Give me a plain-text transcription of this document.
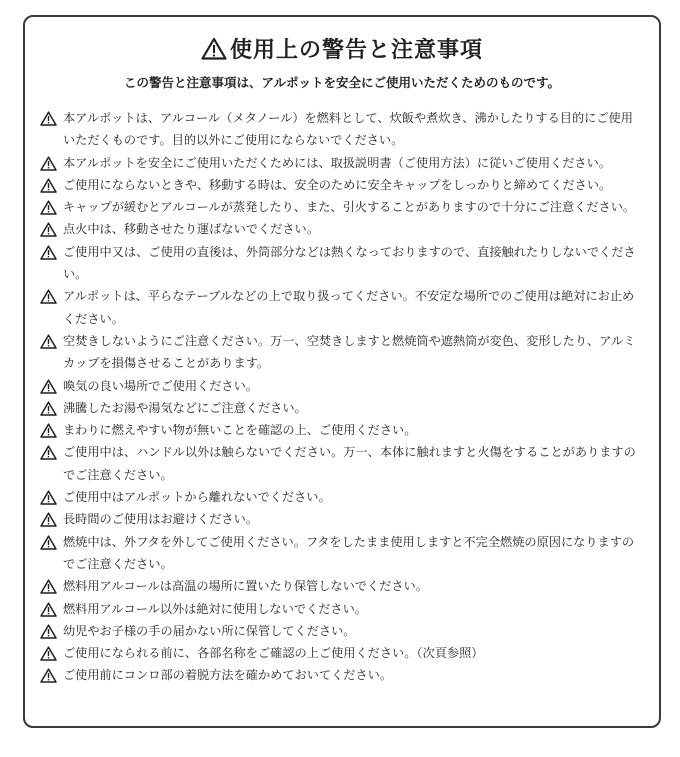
使用上の警告と注意事項
この警告と注意事項は、アルポットを安全にご使用いただくためのものです。
本アルポットは、アルコール（メタノール）を燃料として、炊飯や煮炊き、沸かしたりする目的にご使用いただくものです。目的以外にご使用にならないでください。
本アルポットを安全にご使用いただくためには、取扱説明書（ご使用方法）に従いご使用ください。
ご使用にならないときや、移動する時は、安全のために安全キャップをしっかりと締めてください。
キャップが緩むとアルコールが蒸発したり、また、引火することがありますので十分にご注意ください。
点火中は、移動させたり運ばないでください。
ご使用中又は、ご使用の直後は、外筒部分などは熱くなっておりますので、直接触れたりしないでください。
アルポットは、平らなテーブルなどの上で取り扱ってください。不安定な場所でのご使用は絶対にお止めください。
空焚きしないようにご注意ください。万一、空焚きしますと燃焼筒や遮熱筒が変色、変形したり、アルミカップを損傷させることがあります。
喚気の良い場所でご使用ください。
沸騰したお湯や湯気などにご注意ください。
まわりに燃えやすい物が無いことを確認の上、ご使用ください。
ご使用中は、ハンドル以外は触らないでください。万一、本体に触れますと火傷をすることがありますのでご注意ください。
ご使用中はアルポットから離れないでください。
長時間のご使用はお避けください。
燃焼中は、外フタを外してご使用ください。フタをしたまま使用しますと不完全燃焼の原因になりますのでご注意ください。
燃料用アルコールは高温の場所に置いたり保管しないでください。
燃料用アルコール以外は絶対に使用しないでください。
幼児やお子様の手の届かない所に保管してください。
ご使用になられる前に、各部名称をご確認の上ご使用ください。（次頁参照）
ご使用前にコンロ部の着脱方法を確かめておいてください。
